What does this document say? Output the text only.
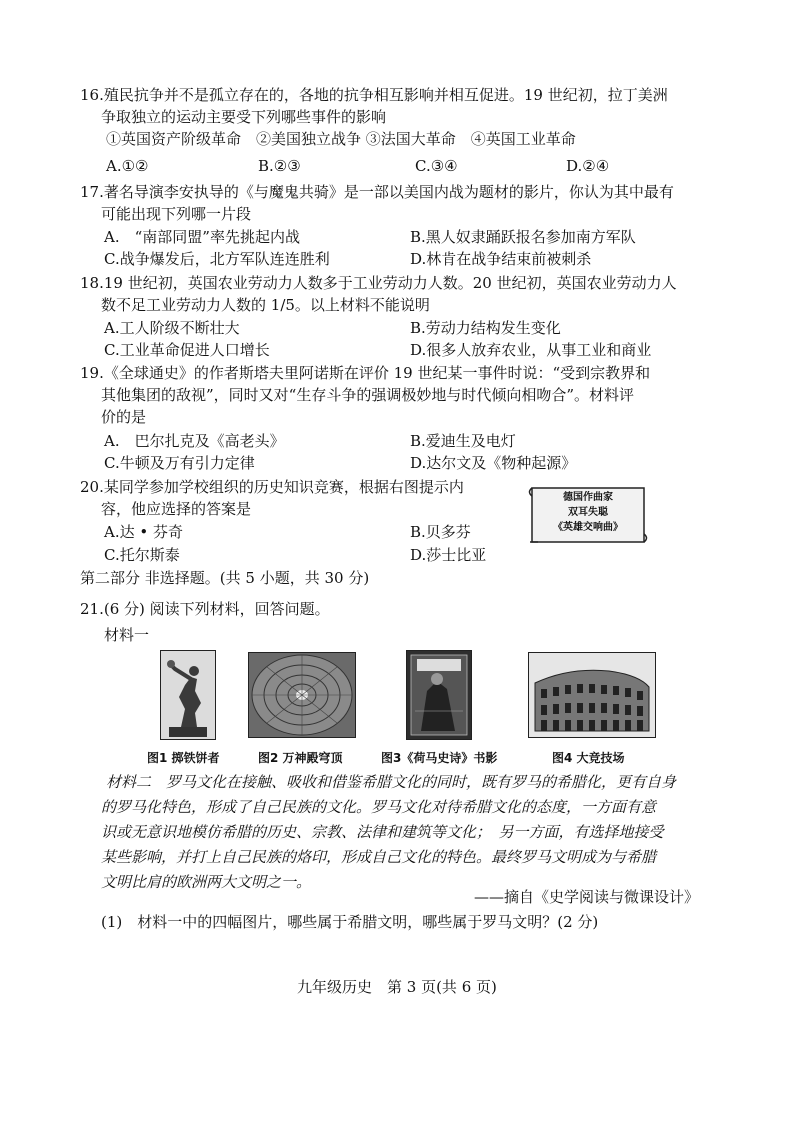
16.殖民抗争并不是孤立存在的，各地的抗争相互影响并相互促进。19 世纪初，拉丁美洲
争取独立的运动主要受下列哪些事件的影响
①英国资产阶级革命　②美国独立战争 ③法国大革命　④英国工业革命
A.①②	B.②③	C.③④	D.②④
17.著名导演李安执导的《与魔鬼共骑》是一部以美国内战为题材的影片，你认为其中最有
可能出现下列哪一片段
A.　“南部同盟”率先挑起内战	B.黑人奴隶踊跃报名参加南方军队
C.战争爆发后，北方军队连连胜利	D.林肯在战争结束前被刺杀
18.19 世纪初，英国农业劳动力人数多于工业劳动力人数。20 世纪初，英国农业劳动力人
数不足工业劳动力人数的 1/5。以上材料不能说明
A.工人阶级不断壮大	B.劳动力结构发生变化
C.工业革命促进人口增长	D.很多人放弃农业，从事工业和商业
19.《全球通史》的作者斯塔夫里阿诺斯在评价 19 世纪某一事件时说：“受到宗教界和
其他集团的敌视”，同时又对“生存斗争的强调极妙地与时代倾向相吻合”。材料评
价的是
A.　巴尔扎克及《高老头》	B.爱迪生及电灯
C.牛顿及万有引力定律	D.达尔文及《物种起源》
20.某同学参加学校组织的历史知识竞赛，根据右图提示内
容，他应选择的答案是
A.达 • 芬奇	B.贝多芬
C.托尔斯泰	D.莎士比亚
德国作曲家
双耳失聪
《英雄交响曲》
第二部分 非选择题。(共 5 小题，共 30 分)
21.(6 分) 阅读下列材料，回答问题。
材料一
图1 掷铁饼者	图2 万神殿穹顶	图3《荷马史诗》书影	图4 大竞技场
材料二　罗马文化在接触、吸收和借鉴希腊文化的同时，既有罗马的希腊化，更有自身
的罗马化特色，形成了自己民族的文化。罗马文化对待希腊文化的态度，一方面有意
识或无意识地模仿希腊的历史、宗教、法律和建筑等文化；　另一方面，有选择地接受
某些影响，并打上自己民族的烙印，形成自己文化的特色。最终罗马文明成为与希腊
文明比肩的欧洲两大文明之一。
——摘自《史学阅读与微课设计》
(1)　材料一中的四幅图片，哪些属于希腊文明，哪些属于罗马文明？(2 分)
九年级历史　第 3 页(共 6 页)
